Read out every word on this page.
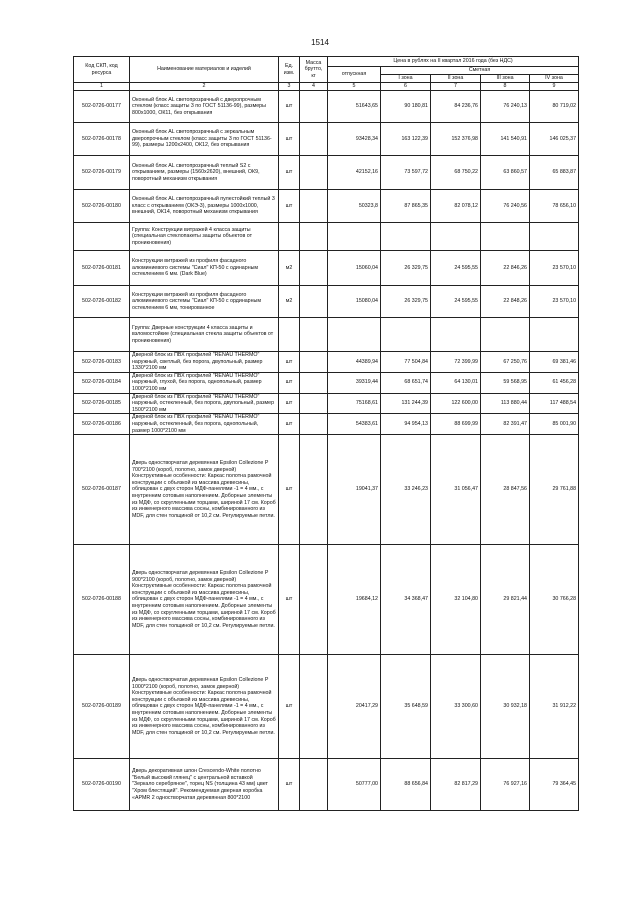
1514
Код СКП, код ресурса	Наименование материалов и изделий	Ед. изм.	Масса брутто, кг	Цена в рублях на II квартал 2016 года (без НДС)				
				отпускная	Сметная			
					I зона	II зона	III зона	IV зона
1	2	3	4	5	6	7	8	9
502-0726-00177	Оконный блок AL светопрозрачный с дверопрочным стеклом (класс защиты 3 по ГОСТ 51136-99), размеры 800х1000, ОК11, без открывания	шт		51643,65	90 180,81	84 236,76	76 240,13	80 719,02
502-0726-00178	Оконный блок AL светопрозрачный с зеркальным дверопрочным стеклом (класс защиты 3 по ГОСТ 51136-99), размеры 1200х2400, ОК12, без открывания	шт		93428,34	163 122,39	152 376,98	141 540,91	146 025,37
502-0726-00179	Оконный блок AL светопрозрачный теплый S2 с открыванием, размеры (1560х2620), внешний, ОК9, поворотный механизм открывания	шт		42152,16	73 597,72	68 750,22	63 860,57	65 883,87
502-0726-00180	Оконный блок AL светопрозрачный пулестойкий теплый 3 класс с открыванием (ОКЭ-3), размеры 1000х1000, внешний, ОК14, поворотный механизм открывания	шт		50323,8	87 865,35	82 078,12	76 240,56	78 656,10
	Группа: Конструкции витражей 4 класса защиты (специальная стеклопакеты защиты объектов от проникновения)							
502-0726-00181	Конструкции витражей из профиля фасадного алюминиевого системы "Сиал" КП-50 с одинарным остеклением 6 мм. (Dark Blue)	м2		15060,04	26 329,75	24 595,55	22 846,26	23 570,10
502-0726-00182	Конструкции витражей из профиля фасадного алюминиевого системы "Сиал" КП-50 с ординарным остеклением 6 мм, тонированное	м2		15080,04	26 329,75	24 595,55	22 848,26	23 570,10
	Группа: Дверные конструкции 4 класса защиты и взломостойкие (специальная стекла защиты объектов от проникновения)							
502-0726-00183	Дверной блок из ПВХ профилей "RENAU THERMO" наружный, светлый, без порога, двупольный, размер 1330*2100 мм	шт		44389,94	77 504,84	72 399,99	67 250,76	69 381,46
502-0726-00184	Дверной блок из ПВХ профилей "RENAU THERMO" наружный, глухой, без порога, однопольный, размер 1000*2100 мм	шт		39319,44	68 651,74	64 130,01	59 568,95	61 456,28
502-0726-00185	Дверной блок из ПВХ профилей "RENAU THERMO" наружный, остекленный, без порога, двупольный, размер 1500*2100 мм	шт		75168,61	131 244,39	122 600,00	113 880,44	117 488,54
502-0726-00186	Дверной блок из ПВХ профилей "RENAU THERMO" наружный, остекленный, без порога, однопольный, размер 1000*2100 мм	шт		54383,61	94 954,13	88 699,99	82 391,47	85 001,90
502-0726-00187	Дверь одностворчатая деревянная Epsilon Collezione P 700*2100 (короб, полотно, замок дверной) Конструктивные особенности: Каркас полотна рамочной конструкции с объязкой из массива древесины, облицован с двух сторон МДФ-панелями -1 = 4 мм., с внутренним сотовым наполнением. Доборные элементы из МДФ, со скругленными торцами, шириной 17 см. Короб из инженерного массива сосны, комбинированного из MDF, для стен толщиной от 10,2 см. Регулируемые петли.	шт		19041,37	33 246,23	31 056,47	28 847,56	29 761,88
502-0726-00188	Дверь одностворчатая деревянная Epsilon Collezione P 900*2100 (короб, полотно, замок дверной) Конструктивные особенности: Каркас полотна рамочной конструкции с объязкой из массива древесины, облицован с двух сторон МДФ-панелями -1 = 4 мм., с внутренним сотовым наполнением. Доборные элементы из МДФ, со скругленными торцами, шириной 17 см. Короб из инженерного массива сосны, комбинированного из MDF, для стен толщиной от 10,2 см. Регулируемые петли.	шт		19684,12	34 368,47	32 104,80	29 821,44	30 766,28
502-0726-00189	Дверь одностворчатая деревянная Epsilon Collezione P 1000*2100 (короб, полотно, замок дверной) Конструктивные особенности: Каркас полотна рамочной конструкции с объязкой из массива древесины, облицован с двух сторон МДФ-панелями -1 = 4 мм., с внутренним сотовым наполнением. Доборные элементы из МДФ, со скругленными торцами, шириной 17 см. Короб из инженерного массива сосны, комбинированного из MDF, для стен толщиной от 10,2 см. Регулируемые петли.	шт		20417,29	35 648,59	33 300,60	30 932,18	31 912,22
502-0726-00190	Дверь декоративная шпон Crescendo-White полотно "Белый высокий глянец" с центральной вставкой "Зеркало серебряное", торец NS (толщина 43 мм) цвет "Хром блестящий". Рекомендуемая дверная коробка «APMR 2 одностворчатая деревянная 800*2100	шт		50777,00	88 656,84	82 817,29	76 927,16	79 364,45
